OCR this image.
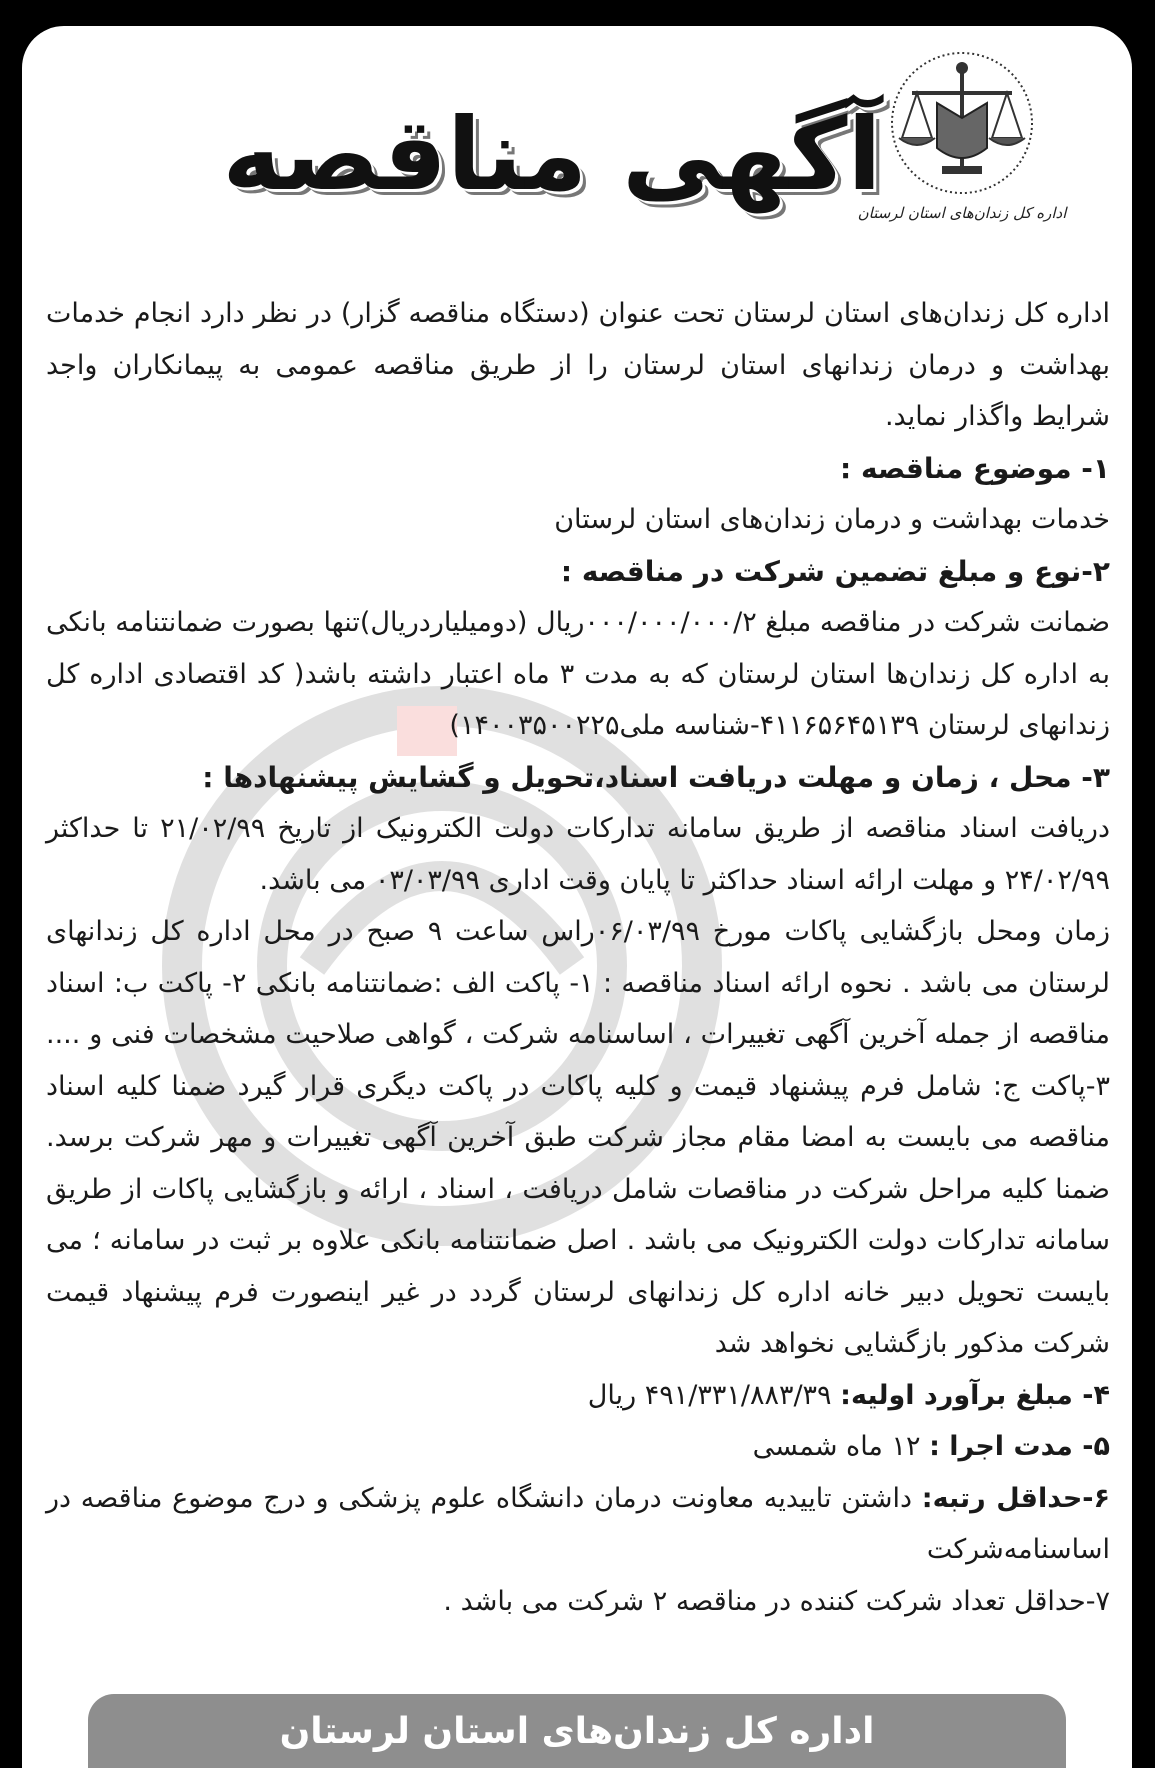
اداره کل زندان‌های استان لرستان
آگهی مناقصه

اداره کل زندان‌های استان لرستان تحت عنوان (دستگاه مناقصه گزار) در نظر دارد انجام خدمات بهداشت و درمان زندانهای استان لرستان را از طریق مناقصه عمومی به پیمانکاران واجد شرایط واگذار نماید.

۱- موضوع مناقصه :

خدمات بهداشت و درمان زندان‌های استان لرستان

۲-نوع و مبلغ تضمین شرکت در مناقصه :

ضمانت شرکت در مناقصه مبلغ ۰۰۰/۰۰۰/۰۰۰/۲ریال (دومیلیاردریال)تنها بصورت ضمانتنامه بانکی به اداره کل زندان‌ها استان لرستان که به مدت ۳ ماه اعتبار داشته باشد( کد اقتصادی اداره کل زندانهای لرستان ۴۱۱۶۵۶۴۵۱۳۹-شناسه ملی۱۴۰۰۳۵۰۰۲۲۵)

۳- محل ، زمان و مهلت دریافت اسناد،تحویل و گشایش پیشنهادها :

دریافت اسناد مناقصه از طریق سامانه تدارکات دولت الکترونیک از تاریخ ۲۱/۰۲/۹۹ تا حداکثر ۲۴/۰۲/۹۹ و مهلت ارائه اسناد حداکثر تا پایان وقت اداری ۰۳/۰۳/۹۹ می باشد.

زمان ومحل بازگشایی پاکات مورخ ۰۶/۰۳/۹۹راس ساعت ۹ صبح در محل اداره کل زندانهای لرستان می باشد . نحوه ارائه اسناد مناقصه : ۱- پاکت الف :ضمانتنامه بانکی ۲- پاکت ب: اسناد مناقصه از جمله آخرین آگهی تغییرات ، اساسنامه شرکت ، گواهی صلاحیت مشخصات فنی و .... ۳-پاکت ج: شامل فرم پیشنهاد قیمت و کلیه پاکات در پاکت دیگری قرار گیرد ضمنا کلیه اسناد مناقصه می بایست به امضا مقام مجاز شرکت طبق آخرین آگهی تغییرات و مهر شرکت برسد. ضمنا کلیه مراحل شرکت در مناقصات شامل دریافت ، اسناد ، ارائه و بازگشایی پاکات از طریق سامانه تدارکات دولت الکترونیک می باشد . اصل ضمانتنامه بانکی علاوه بر ثبت در سامانه ؛ می بایست تحویل دبیر خانه اداره کل زندانهای لرستان گردد در غیر اینصورت فرم پیشنهاد قیمت شرکت مذکور بازگشایی نخواهد شد

۴- مبلغ برآورد اولیه: ۴۹۱/۳۳۱/۸۸۳/۳۹ ریال

۵- مدت اجرا : ۱۲ ماه شمسی

۶-حداقل رتبه: داشتن تاییدیه معاونت درمان دانشگاه علوم پزشکی و درج موضوع مناقصه در اساسنامه‌شرکت

۷-حداقل تعداد شرکت کننده در مناقصه ۲ شرکت می باشد .

اداره کل زندان‌های استان لرستان
